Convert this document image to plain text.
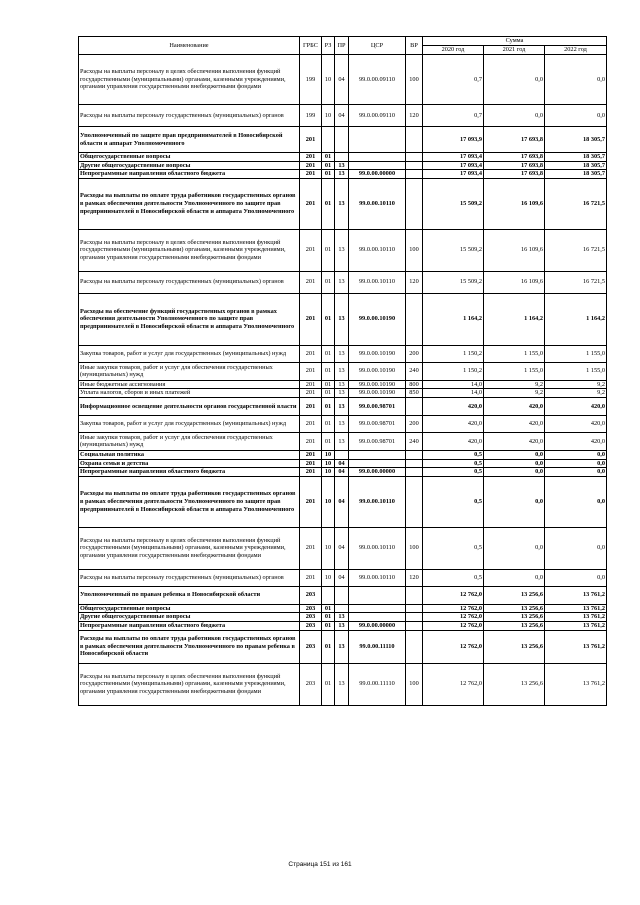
Наименование	ГРБС	РЗ	ПР	ЦСР	ВР	Сумма		
						2020 год	2021 год	2022 год
Расходы на выплаты персоналу в целях обеспечения выполнения функций государственными (муниципальными) органами, казенными учреждениями, органами управления государственными внебюджетными фондами	199	10	04	99.0.00.09110	100	0,7	0,0	0,0
Расходы на выплаты персоналу государственных (муниципальных) органов	199	10	04	99.0.00.09110	120	0,7	0,0	0,0
Уполномоченный по защите прав предпринимателей в Новосибирской области и аппарат Уполномоченного	201					17 093,9	17 693,8	18 305,7
Общегосударственные вопросы	201	01				17 093,4	17 693,8	18 305,7
Другие общегосударственные вопросы	201	01	13			17 093,4	17 693,8	18 305,7
Непрограммные направления областного бюджета	201	01	13	99.0.00.00000		17 093,4	17 693,8	18 305,7
Расходы на выплаты по оплате труда работников государственных органов в рамках обеспечения деятельности Уполномоченного по защите прав предпринимателей в Новосибирской области и аппарата Уполномоченного	201	01	13	99.0.00.10110		15 509,2	16 109,6	16 721,5
Расходы на выплаты персоналу в целях обеспечения выполнения функций государственными (муниципальными) органами, казенными учреждениями, органами управления государственными внебюджетными фондами	201	01	13	99.0.00.10110	100	15 509,2	16 109,6	16 721,5
Расходы на выплаты персоналу государственных (муниципальных) органов	201	01	13	99.0.00.10110	120	15 509,2	16 109,6	16 721,5
Расходы на обеспечение функций государственных органов в рамках обеспечения деятельности Уполномоченного по защите прав предпринимателей в Новосибирской области и аппарата Уполномоченного	201	01	13	99.0.00.10190		1 164,2	1 164,2	1 164,2
Закупка товаров, работ и услуг для государственных (муниципальных) нужд	201	01	13	99.0.00.10190	200	1 150,2	1 155,0	1 155,0
Иные закупки товаров, работ и услуг для обеспечения государственных (муниципальных) нужд	201	01	13	99.0.00.10190	240	1 150,2	1 155,0	1 155,0
Иные бюджетные ассигнования	201	01	13	99.0.00.10190	800	14,0	9,2	9,2
Уплата налогов, сборов и иных платежей	201	01	13	99.0.00.10190	850	14,0	9,2	9,2
Информационное освещение деятельности органов государственной власти	201	01	13	99.0.00.98701		420,0	420,0	420,0
Закупка товаров, работ и услуг для государственных (муниципальных) нужд	201	01	13	99.0.00.98701	200	420,0	420,0	420,0
Иные закупки товаров, работ и услуг для обеспечения государственных (муниципальных) нужд	201	01	13	99.0.00.98701	240	420,0	420,0	420,0
Социальная политика	201	10				0,5	0,0	0,0
Охрана семьи и детства	201	10	04			0,5	0,0	0,0
Непрограммные направления областного бюджета	201	10	04	99.0.00.00000		0,5	0,0	0,0
Расходы на выплаты по оплате труда работников государственных органов в рамках обеспечения деятельности Уполномоченного по защите прав предпринимателей в Новосибирской области и аппарата Уполномоченного	201	10	04	99.0.00.10110		0,5	0,0	0,0
Расходы на выплаты персоналу в целях обеспечения выполнения функций государственными (муниципальными) органами, казенными учреждениями, органами управления государственными внебюджетными фондами	201	10	04	99.0.00.10110	100	0,5	0,0	0,0
Расходы на выплаты персоналу государственных (муниципальных) органов	201	10	04	99.0.00.10110	120	0,5	0,0	0,0
Уполномоченный по правам ребенка в Новосибирской области	203					12 762,0	13 256,6	13 761,2
Общегосударственные вопросы	203	01				12 762,0	13 256,6	13 761,2
Другие общегосударственные вопросы	203	01	13			12 762,0	13 256,6	13 761,2
Непрограммные направления областного бюджета	203	01	13	99.0.00.00000		12 762,0	13 256,6	13 761,2
Расходы на выплаты по оплате труда работников государственных органов в рамках обеспечения деятельности Уполномоченного по правам ребенка в Новосибирской области	203	01	13	99.0.00.11110		12 762,0	13 256,6	13 761,2
Расходы на выплаты персоналу в целях обеспечения выполнения функций государственными (муниципальными) органами, казенными учреждениями, органами управления государственными внебюджетными фондами	203	01	13	99.0.00.11110	100	12 762,0	13 256,6	13 761,2
Страница 151 из 161
